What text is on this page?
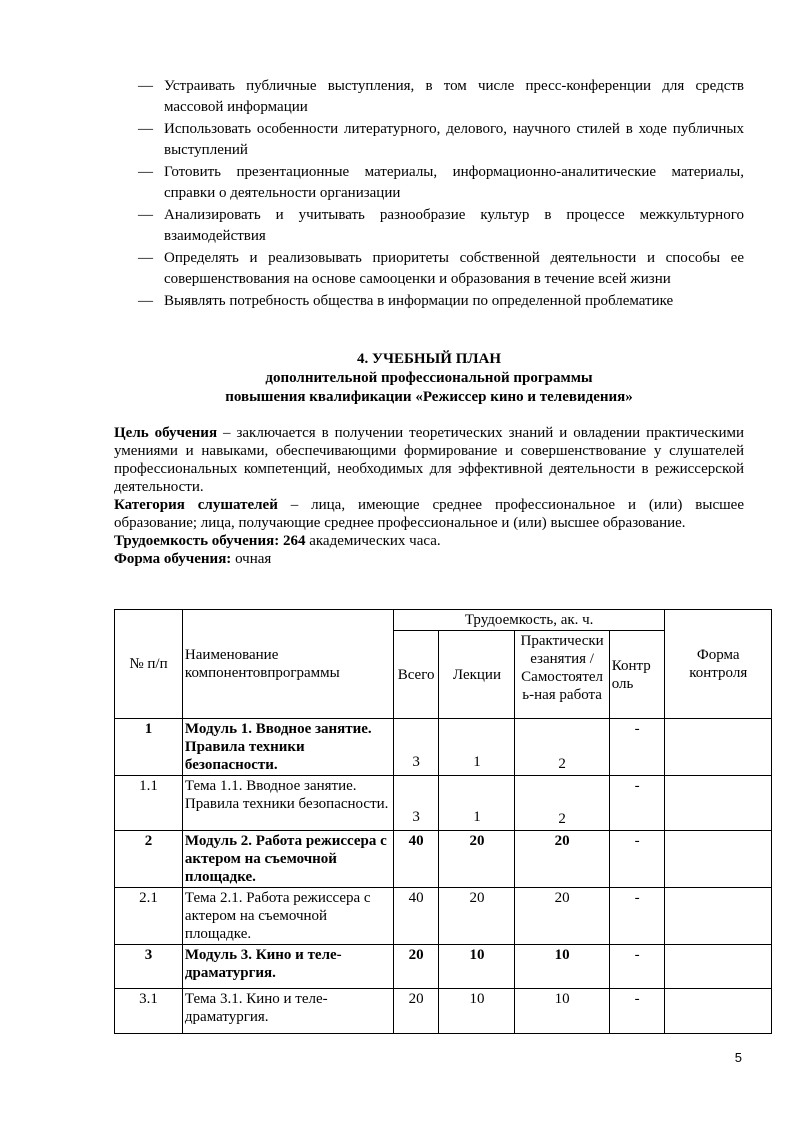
— Устраивать публичные выступления, в том числе пресс-конференции для средств массовой информации
— Использовать особенности литературного, делового, научного стилей в ходе публичных выступлений
— Готовить презентационные материалы, информационно-аналитические материалы, справки о деятельности организации
— Анализировать и учитывать разнообразие культур в процессе межкультурного взаимодействия
— Определять и реализовывать приоритеты собственной деятельности и способы ее совершенствования на основе самооценки и образования в течение всей жизни
— Выявлять потребность общества в информации по определенной проблематике
4. УЧЕБНЫЙ ПЛАН
дополнительной профессиональной программы
повышения квалификации «Режиссер кино и телевидения»

Цель обучения – заключается в получении теоретических знаний и овладении практическими умениями и навыками, обеспечивающими формирование и совершенствование у слушателей профессиональных компетенций, необходимых для эффективной деятельности в режиссерской деятельности.

Категория слушателей – лица, имеющие среднее профессиональное и (или) высшее образование; лица, получающие среднее профессиональное и (или) высшее образование.

Трудоемкость обучения: 264 академических часа.

Форма обучения: очная

№ п/п	Наименование компонентовпрограммы	Трудоемкость, ак. ч.				Форма контроля
		Всего	Лекции	Практически езанятия / Самостоятел ь-ная работа	Контр оль	
1	Модуль 1. Вводное занятие. Правила техники безопасности.	3	1	2	-	
1.1	Тема 1.1. Вводное занятие. Правила техники безопасности.	3	1	2	-	
2	Модуль 2. Работа режиссера с актером на съемочной площадке.	40	20	20	-	
2.1	Тема 2.1. Работа режиссера с актером на съемочной площадке.	40	20	20	-	
3	Модуль 3. Кино и теле-драматургия.	20	10	10	-	
3.1	Тема 3.1. Кино и теле-драматургия.	20	10	10	-	
5
